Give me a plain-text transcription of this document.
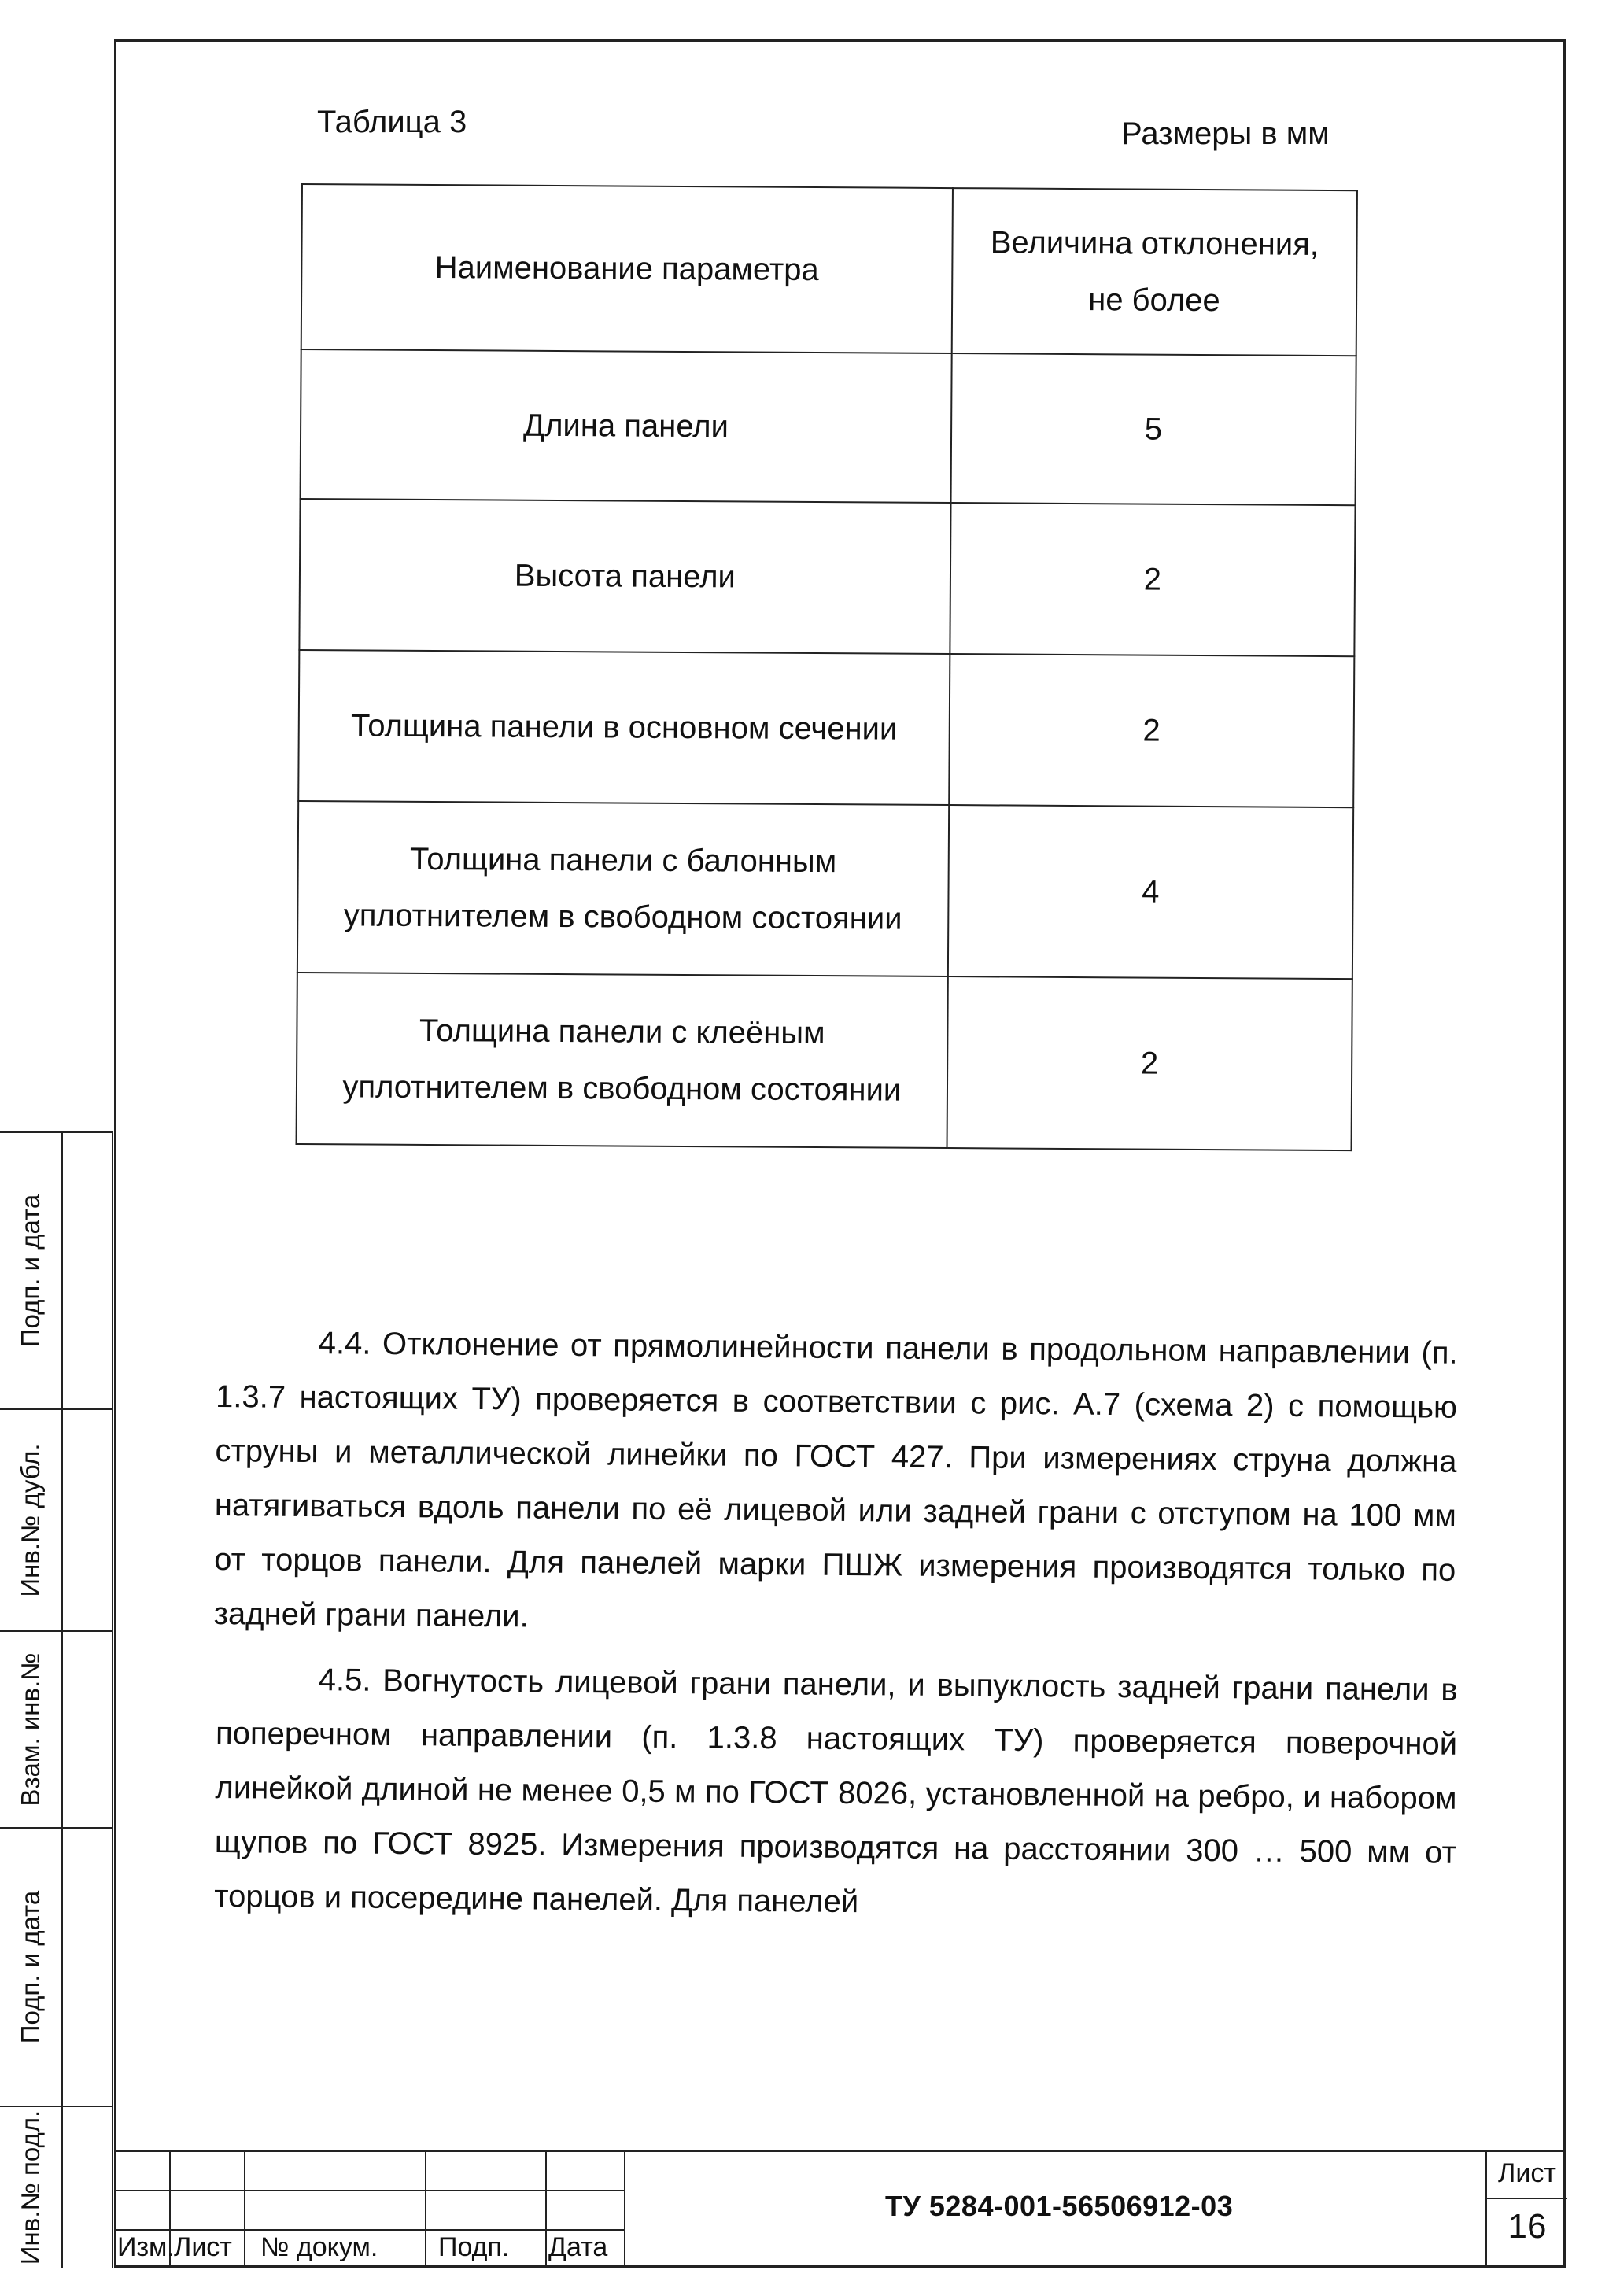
Таблица 3	Размеры в мм
Наименование параметра	Величина отклонения,
не более

Длина панели	5
Высота панели	2
Толщина панели в основном сечении	2

Толщина панели с балонным
уплотнителем в свободном состоянии	4

Толщина панели с клеёным
уплотнителем в свободном состоянии	2

4.4. Отклонение от прямолинейности панели в продольном направлении (п. 1.3.7 настоящих ТУ) проверяется в соответствии с рис. А.7 (схема 2) с помощью струны и металлической линейки по ГОСТ 427. При измерениях струна должна натягиваться вдоль панели по её лицевой или задней грани с отступом на 100 мм от торцов панели. Для панелей марки ПШЖ измерения производятся только по задней грани панели.

4.5. Вогнутость лицевой грани панели, и выпуклость задней грани панели в поперечном направлении (п. 1.3.8 настоящих ТУ) проверяется поверочной линейкой длиной не менее 0,5 м по ГОСТ 8026, установленной на ребро, и набором щупов по ГОСТ 8925. Измерения производятся на расстоянии 300 … 500 мм от торцов и посередине панелей. Для панелей

Подп. и дата
Инв.№ дубл.
Взам. инв.№
Подп. и дата
Инв.№ подл.	Изм. Лист № докум. Подп. Дата
ТУ 5284-001-56506912-03
Лист
16
